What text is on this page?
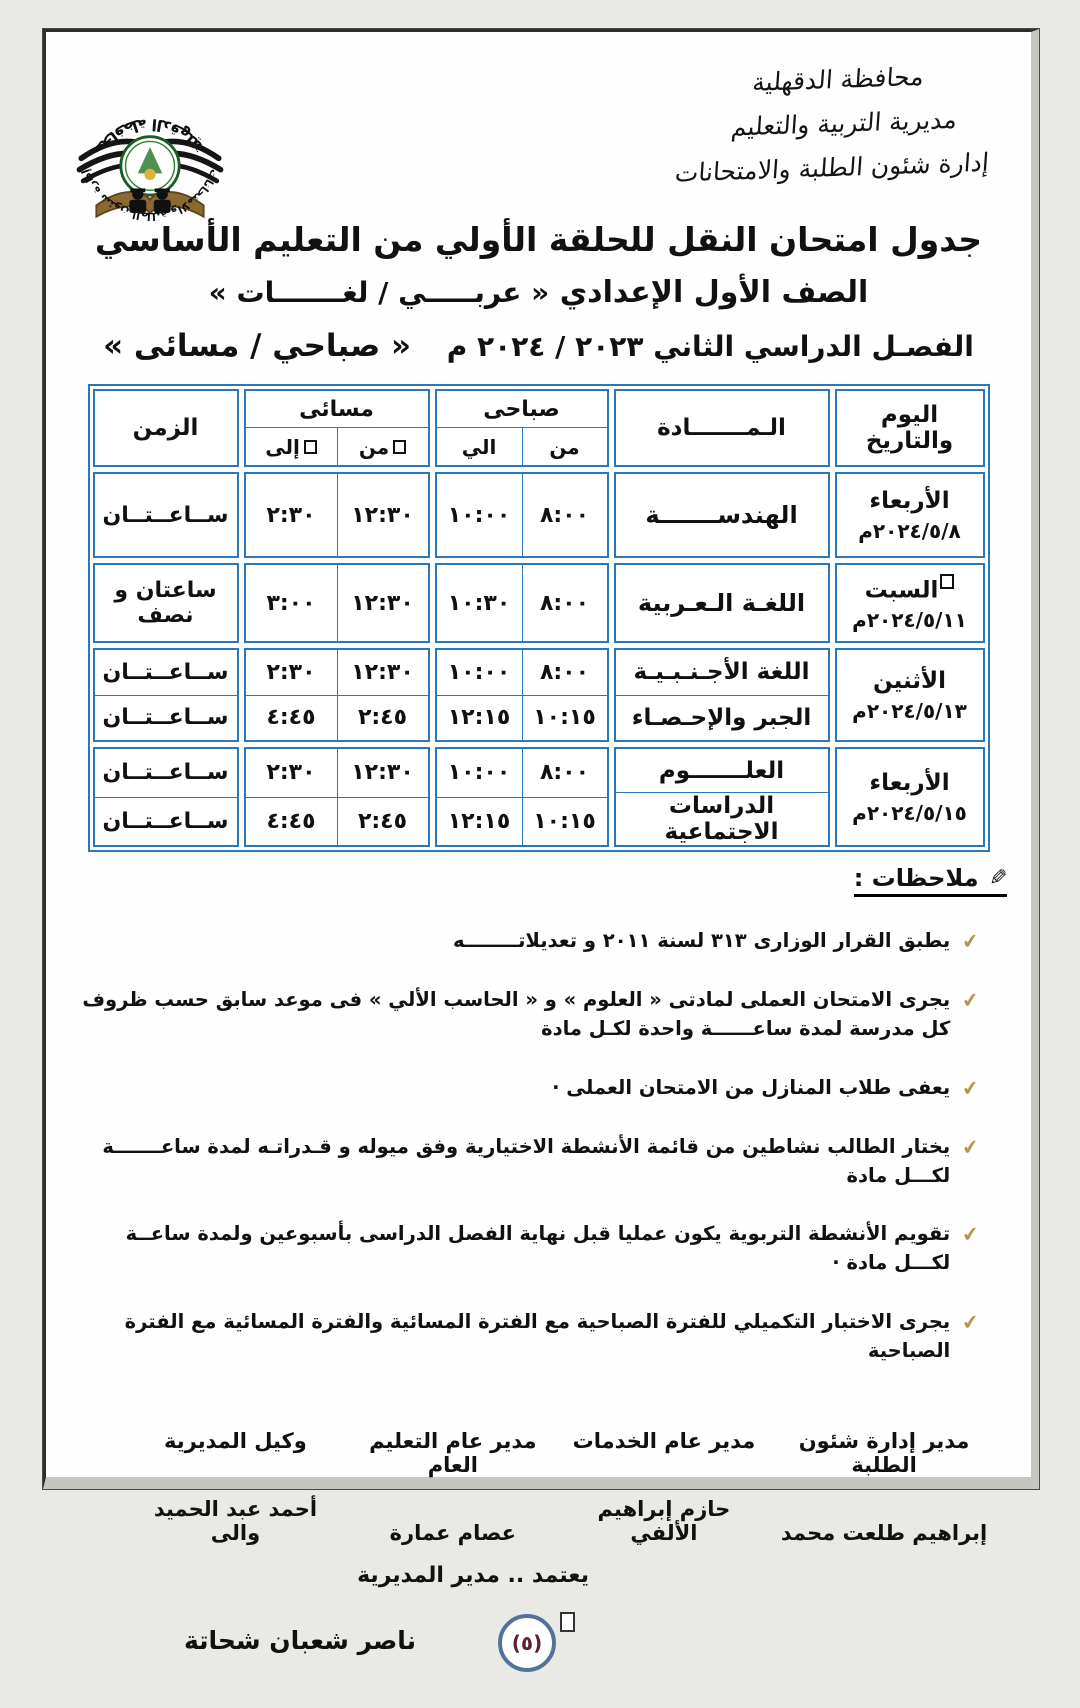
محافظة الدقهلية
إدارة شئون الطلبة والامتحانات
محافظة الدقهلية
مديرية التربية والتعليم
إدارة شئون الطلبة والامتحانات
جدول امتحان النقل للحلقة الأولي من التعليم الأساسي
الصف الأول الإعدادي « عربـــــي / لغـــــــات »
الفصـل الدراسي الثاني ٢٠٢٣ / ٢٠٢٤ م « صباحي / مسائى »
اليوم والتاريخ
الـمـــــــادة
صباحى
من
الي
مسائى
من
إلى
الزمن
الأربعاء
٢٠٢٤/٥/٨م
الهندســـــــة
٨:٠٠
١٠:٠٠
١٢:٣٠
٢:٣٠
ســاعــتــان
السبت
٢٠٢٤/٥/١١م
اللغـة الـعـربية
٨:٠٠
١٠:٣٠
١٢:٣٠
٣:٠٠
ساعتان و نصف
الأثنين
٢٠٢٤/٥/١٣م
اللغة الأجـنـبـيـة
الجبر والإحـصـاء
٨:٠٠
١٠:٠٠
١٠:١٥
١٢:١٥
١٢:٣٠
٢:٣٠
٢:٤٥
٤:٤٥
ســاعــتــان
ســاعــتــان
الأربعاء
٢٠٢٤/٥/١٥م
العلـــــــوم
الدراسات الاجتماعية
٨:٠٠
١٠:٠٠
١٠:١٥
١٢:١٥
١٢:٣٠
٢:٣٠
٢:٤٥
٤:٤٥
ســاعــتــان
ســاعــتــان
✎
ملاحظات :
✔
يطبق القرار الوزارى ٣١٣ لسنة ٢٠١١ و تعديلاتــــــــه
✔
يجرى الامتحان العملى لمادتى « العلوم » و « الحاسب الألي » فى موعد سابق حسب ظروف كل مدرسة لمدة ساعــــــة واحدة لكـل مادة
✔
يعفى طلاب المنازل من الامتحان العملى ·
✔
يختار الطالب نشاطين من قائمة الأنشطة الاختيارية وفق ميوله و قـدراتـه لمدة ساعـــــــة لكـــل مادة
✔
تقويم الأنشطة التربوية يكون عمليا قبل نهاية الفصل الدراسى بأسبوعين ولمدة ساعــة لكـــل مادة ·
✔
يجرى الاختبار التكميلي للفترة الصباحية مع الفترة المسائية والفترة المسائية مع الفترة الصباحية
مدير إدارة شئون الطلبة
إبراهيم طلعت محمد
مدير عام الخدمات
حازم إبراهيم الألفي
مدير عام التعليم العام
عصام عمارة
وكيل المديرية
أحمد عبد الحميد والى
يعتمد .. مدير المديرية
(٥)
ناصر شعبان شحاتة
